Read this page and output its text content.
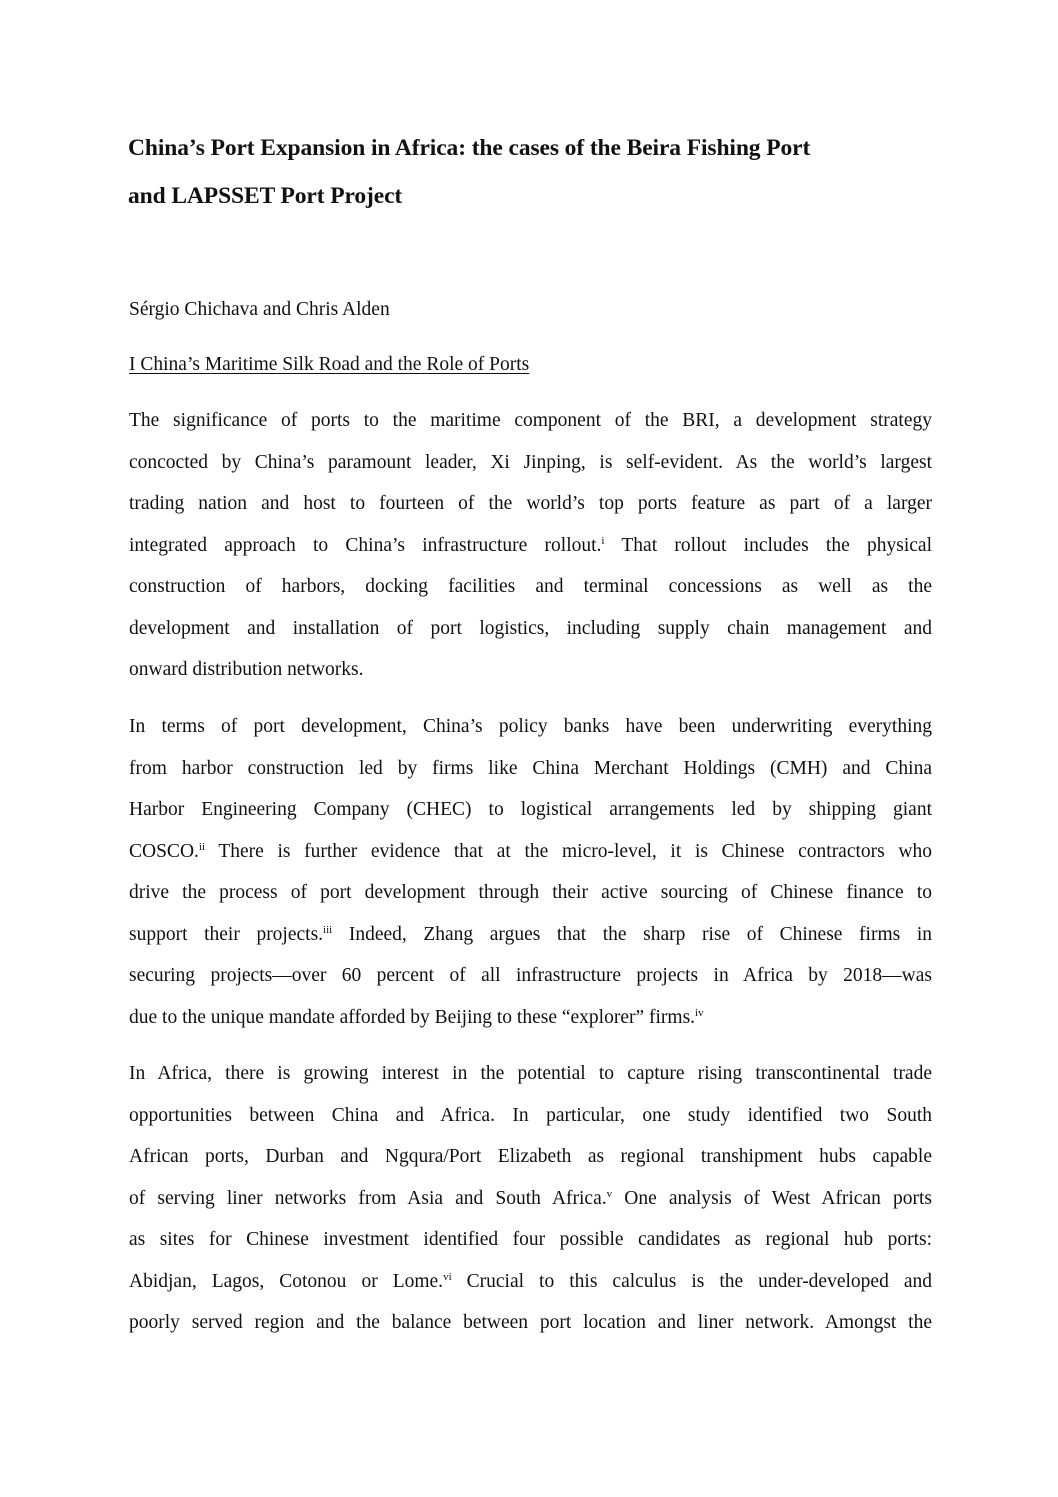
China’s Port Expansion in Africa: the cases of the Beira Fishing Port
and LAPSSET Port Project

Sérgio Chichava and Chris Alden

I China’s Maritime Silk Road and the Role of Ports

The significance of ports to the maritime component of the BRI, a development strategy
concocted by China’s paramount leader, Xi Jinping, is self-evident. As the world’s largest
trading nation and host to fourteen of the world’s top ports feature as part of a larger
integrated approach to China’s infrastructure rollout.$^i$ That rollout includes the physical
construction of harbors, docking facilities and terminal concessions as well as the
development and installation of port logistics, including supply chain management and
onward distribution networks.
In terms of port development, China’s policy banks have been underwriting everything
from harbor construction led by firms like China Merchant Holdings (CMH) and China
Harbor Engineering Company (CHEC) to logistical arrangements led by shipping giant
COSCO.$^{ii}$ There is further evidence that at the micro-level, it is Chinese contractors who
drive the process of port development through their active sourcing of Chinese finance to
support their projects.$^{iii}$ Indeed, Zhang argues that the sharp rise of Chinese firms in
securing projects—over 60 percent of all infrastructure projects in Africa by 2018—was
due to the unique mandate afforded by Beijing to these “explorer” firms.$^{iv}$
In Africa, there is growing interest in the potential to capture rising transcontinental trade
opportunities between China and Africa. In particular, one study identified two South
African ports, Durban and Ngqura/Port Elizabeth as regional transhipment hubs capable
of serving liner networks from Asia and South Africa.$^v$ One analysis of West African ports
as sites for Chinese investment identified four possible candidates as regional hub ports:
Abidjan, Lagos, Cotonou or Lome.$^{vi}$ Crucial to this calculus is the under-developed and
poorly served region and the balance between port location and liner network. Amongst the
